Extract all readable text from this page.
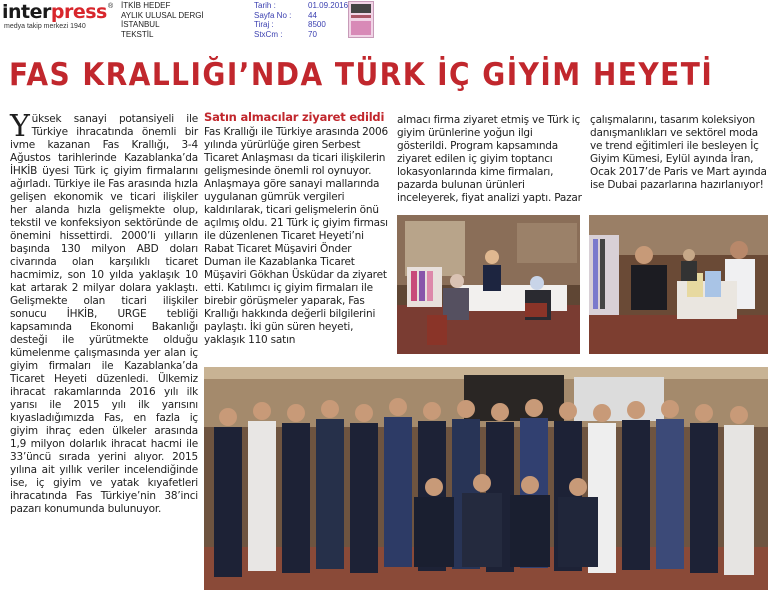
interpress ®
medya takip merkezi 1940
İTKİB HEDEF
AYLIK ULUSAL DERGİ
İSTANBUL
TEKSTİL
Tarih :	01.09.2016
Sayfa No : 44
Tiraj :	8500
StxCm :	70
FAS KRALLIĞI’NDA TÜRK İÇ GİYİM HEYETİ
Y üksek sanayi potansiyeli ile Türkiye ihracatında önemli bir ivme kazanan Fas Krallığı, 3-4 Ağustos tarihlerinde Kazablanka’da İHKİB üyesi Türk iç giyim firmalarını ağırladı. Türkiye ile Fas arasında hızla gelişen ekonomik ve ticari ilişkiler her alanda hızla gelişmekte olup, tekstil ve konfeksiyon sektöründe de önemini hissettirdi. 2000’li yılların başında 130 milyon ABD doları civarında olan karşılıklı ticaret hacmimiz, son 10 yılda yaklaşık 10 kat artarak 2 milyar dolara yaklaştı. Gelişmekte olan ticari ilişkiler sonucu İHKİB, URGE tebliği kapsamında Ekonomi Bakanlığı desteği ile yürütmekte olduğu kümelenme çalışmasında yer alan iç giyim firmaları ile Kazablanka’da Ticaret Heyeti düzenledi. Ülkemiz ihracat rakamlarında 2016 yılı ilk yarısı ile 2015 yılı ilk yarısını kıyasladığımızda Fas, en fazla iç giyim ihraç eden ülkeler arasında 1,9 milyon dolarlık ihracat hacmi ile 33’üncü sırada yerini alıyor. 2015 yılına ait yıllık veriler incelendiğinde ise, iç giyim ve yatak kıyafetleri ihracatında Fas Türkiye’nin 38’inci pazarı konumunda bulunuyor.

Satın almacılar ziyaret edildi

Fas Krallığı ile Türkiye arasında 2006 yılında yürürlüğe giren Serbest Ticaret Anlaşması da ticari ilişkilerin gelişmesinde önemli rol oynuyor. Anlaşmaya göre sanayi mallarında uygulanan gümrük vergileri kaldırılarak, ticari gelişmelerin önü açılmış oldu. 21 Türk iç giyim firması ile düzenlenen Ticaret Heyeti’ni Rabat Ticaret Müşaviri Önder Duman ile Kazablanka Ticaret Müşaviri Gökhan Üsküdar da ziyaret etti. Katılımcı iç giyim firmaları ile birebir görüşmeler yaparak, Fas Krallığı hakkında değerli bilgilerini paylaştı. İki gün süren heyeti, yaklaşık 110 satın

almacı firma ziyaret etmiş ve Türk iç giyim ürünlerine yoğun ilgi gösterildi. Program kapsamında ziyaret edilen iç giyim toptancı lokasyonlarında kime firmaları, pazarda bulunan ürünleri inceleyerek, fiyat analizi yaptı. Pazar

çalışmalarını, tasarım koleksiyon danışmanlıkları ve sektörel moda ve trend eğitimleri ile besleyen İç Giyim Kümesi, Eylül ayında İran, Ocak 2017’de Paris ve Mart ayında ise Dubai pazarlarına hazırlanıyor!
